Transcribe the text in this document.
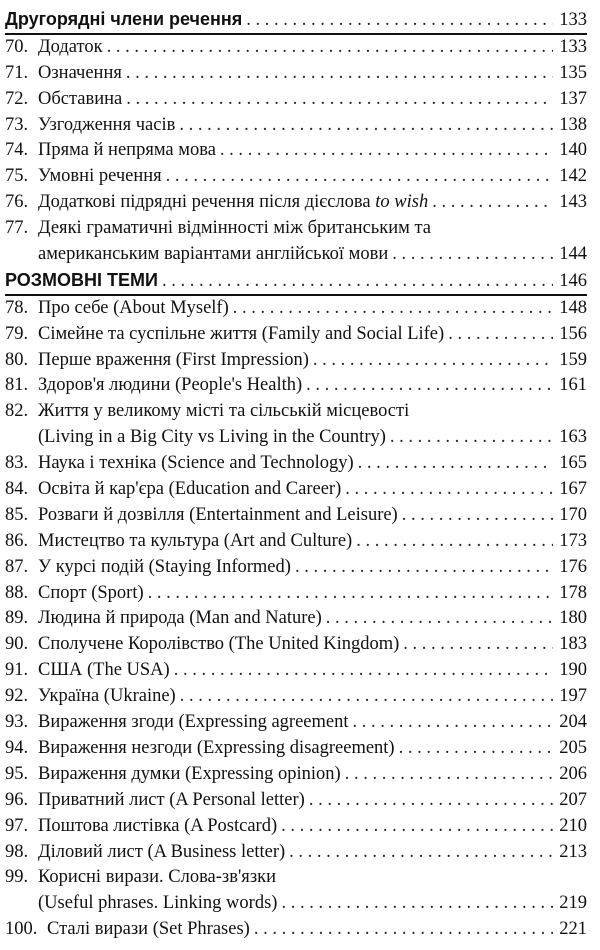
Другорядні члени речення . . .	133
70. Додаток . . .	133
71. Означення . . .	135
72. Обставина . . .	137
73. Узгодження часів . . .	138
74. Пряма й непряма мова . . .	140
75. Умовні речення . . .	142
76. Додаткові підрядні речення після дієслова to wish . . .	143
77. Деякі граматичні відмінності між британським та
американським варіантами англійської мови . . .	144
РОЗМОВНІ ТЕМИ . . .	146
78. Про себе (About Myself) . . .	148
79. Сімейне та суспільне життя (Family and Social Life) . . .	156
80. Перше враження (First Impression) . . .	159
81. Здоров'я людини (People's Health) . . .	161
82. Життя у великому місті та сільській місцевості
(Living in a Big City vs Living in the Country) . . .	163
83. Наука і техніка (Science and Technology) . . .	165
84. Освіта й кар'єра (Education and Career) . . .	167
85. Розваги й дозвілля (Entertainment and Leisure) . . .	170
86. Мистецтво та культура (Art and Culture) . . .	173
87. У курсі подій (Staying Informed) . . .	176
88. Спорт (Sport) . . .	178
89. Людина й природа (Man and Nature) . . .	180
90. Сполучене Королівство (The United Kingdom) . . .	183
91. США (The USA) . . .	190
92. Україна (Ukraine) . . .	197
93. Вираження згоди (Expressing agreement . . .	204
94. Вираження незгоди (Expressing disagreement) . . .	205
95. Вираження думки (Expressing opinion) . . .	206
96. Приватний лист (A Personal letter) . . .	207
97. Поштова листівка (A Postcard) . . .	210
98. Діловий лист (A Business letter) . . .	213
99. Корисні вирази. Слова-зв'язки
(Useful phrases. Linking words) . . .	219
100. Сталі вирази (Set Phrases) . . .	221
